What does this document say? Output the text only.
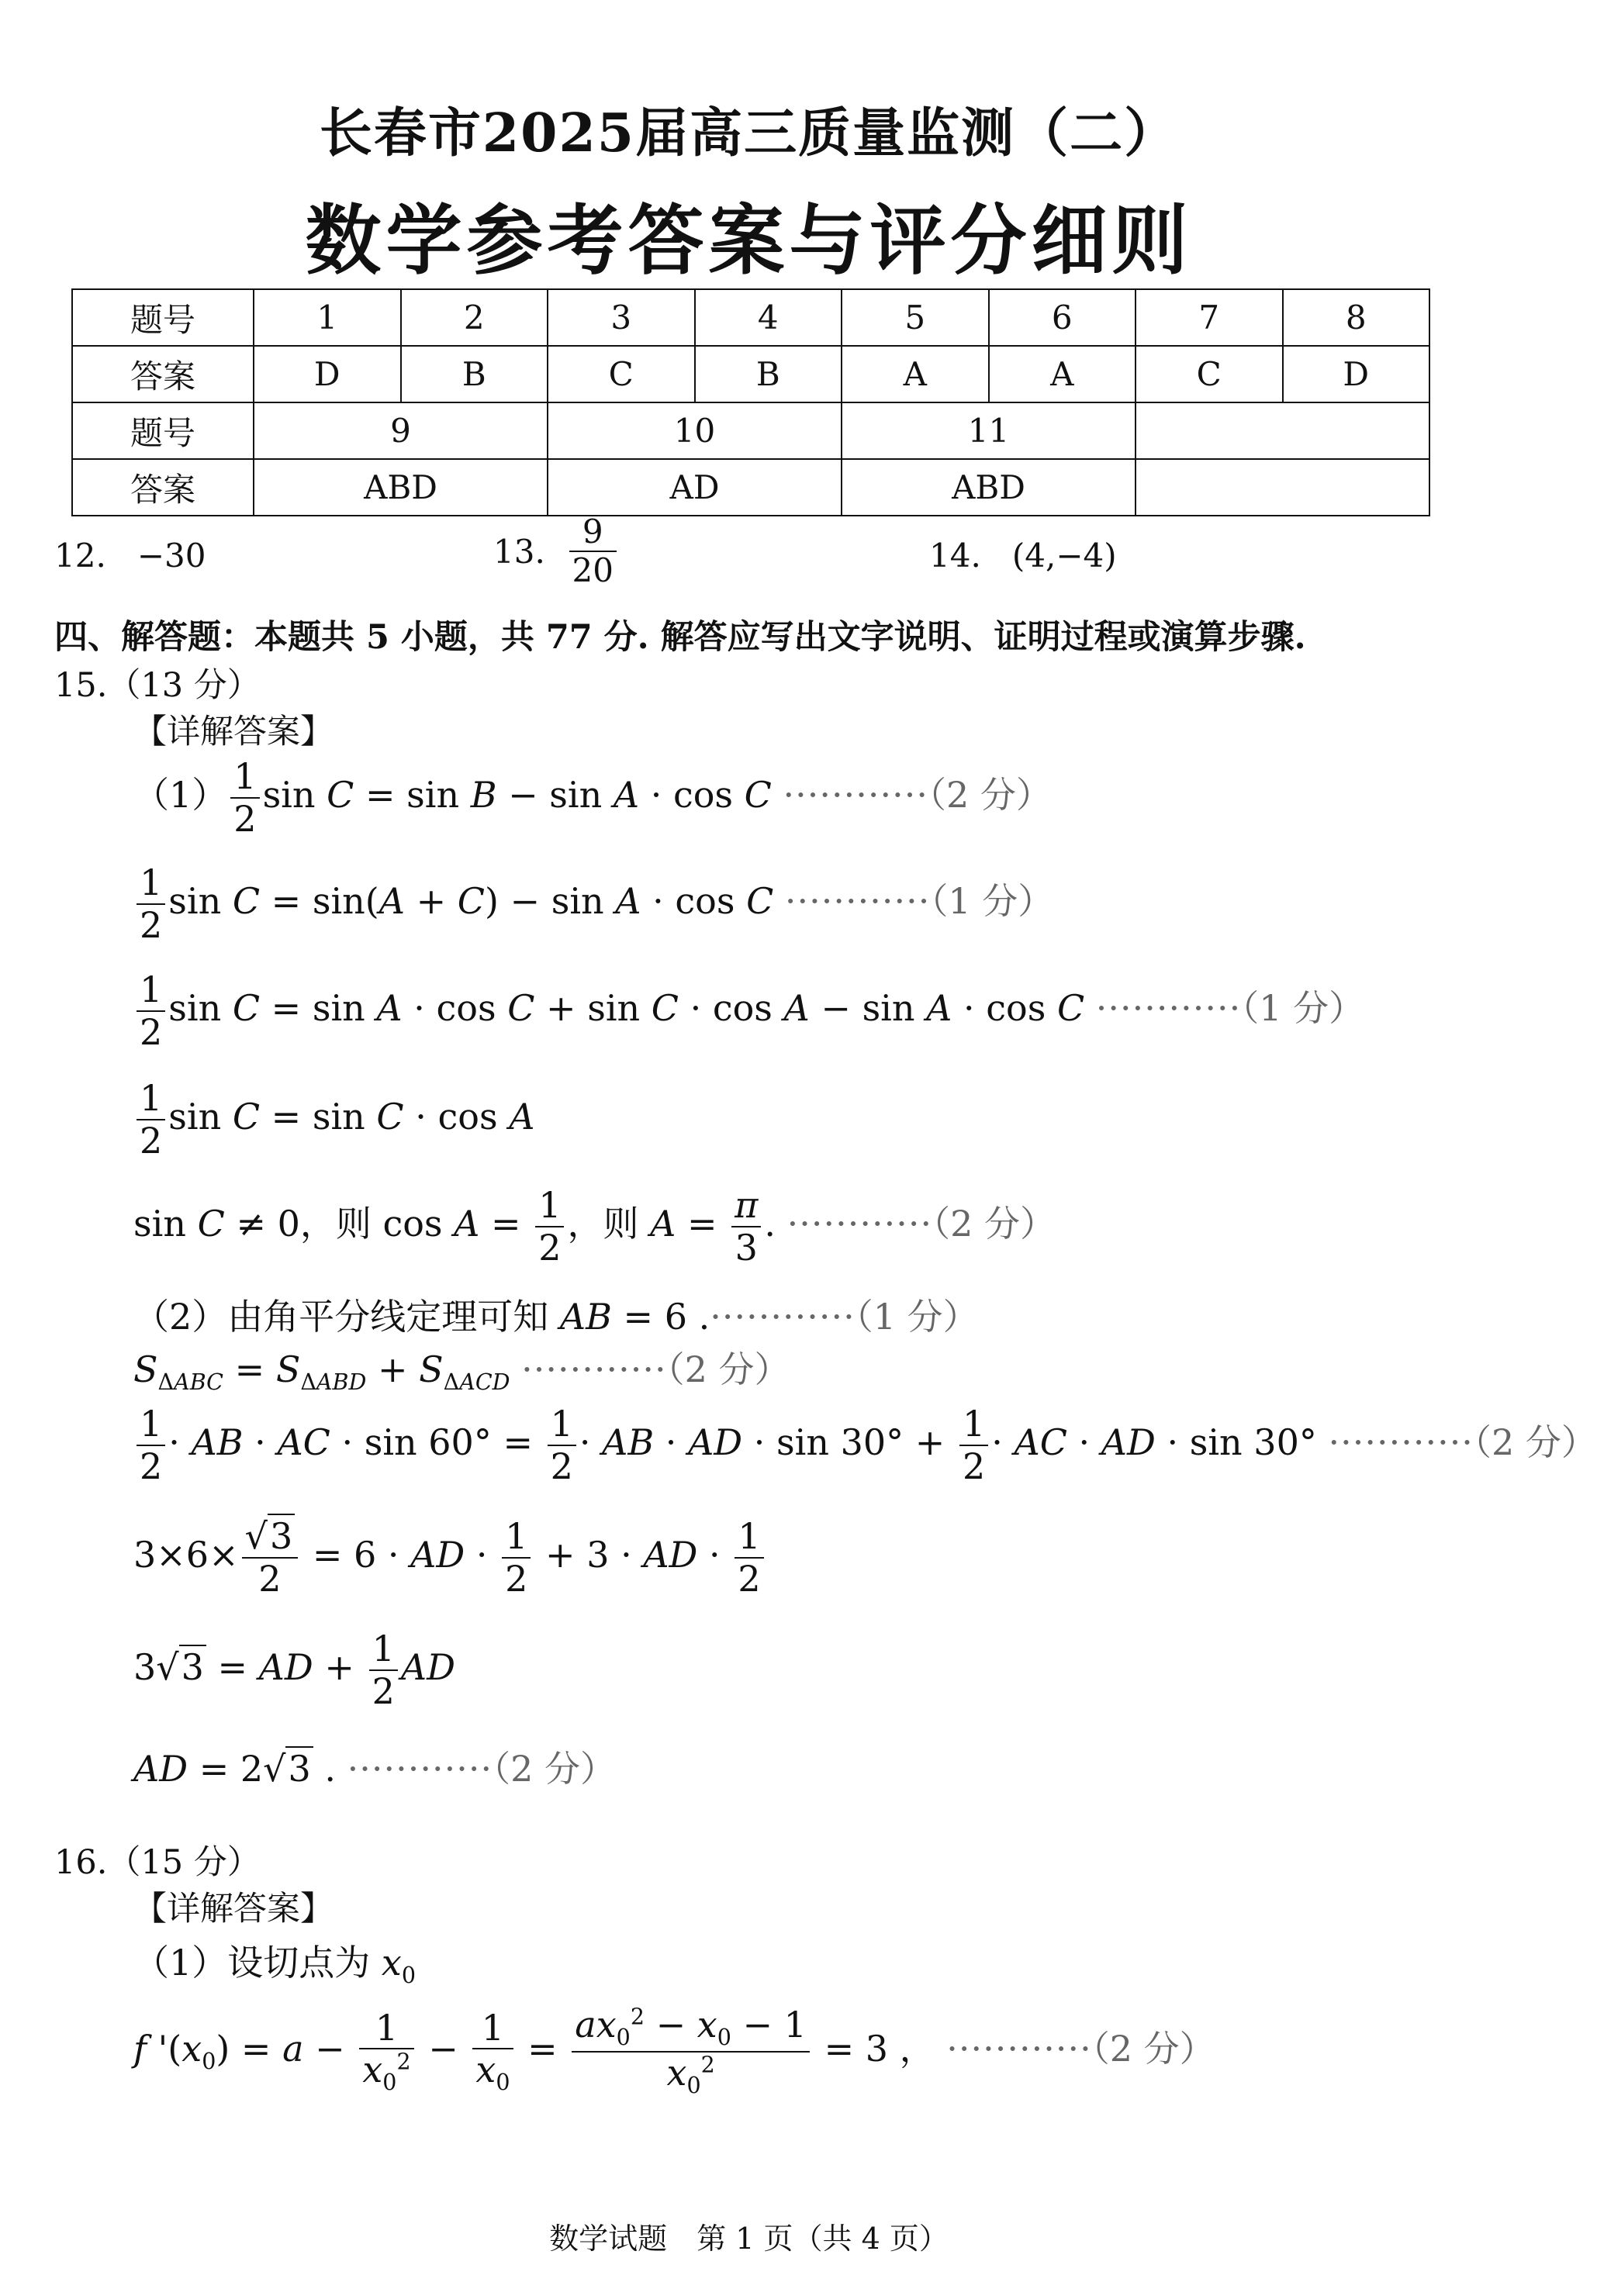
长春市2025届高三质量监测（二）
数学参考答案与评分细则
题号	1	2	3	4	5	6	7	8
答案	D	B	C	B	A	A	C	D
题号	9		10		11			
答案	ABD		AD		ABD			
12. −30	13. $\frac{9}{20}$	14. (4,−4)
四、解答题：本题共 5 小题，共 77 分. 解答应写出文字说明、证明过程或演算步骤.
15.（13 分）
【详解答案】
$(1) \frac{1}{2}$ sin C = sin B − sin A · cos C ············（2 分）
$\frac{1}{2}$ sin C = sin(A + C) − sin A · cos C ············（1 分）
$\frac{1}{2}$ sin C = sin A · cos C + sin C · cos A − sin A · cos C ············（1 分）
$\frac{1}{2}$ sin C = sin C · cos A
sin C ≠ 0，则 $\cos A = \frac{1}{2}$ ，则 $A = \frac{\pi}{3}$ . ············（2 分）
（2）由角平分线定理可知 AB = 6 .············（1 分）
$S_{\Delta ABC} = S_{\Delta ABD} + S_{\Delta ACD} \cdot\cdot\cdot\cdot\cdot\cdot\cdot\cdot\cdot\cdot\cdot\cdot(2$ 分）
$\frac{1}{2}$ · AB · AC · $\sin 60^\circ = \frac{1}{2}$ · AB · AD · $\sin 30^\circ + \frac{1}{2}$ · AC · AD · sin 30° ············（2 分）
$3\times 6\times \frac{√3}{2} = 6$ · AD · $\frac{1}{2} + 3$ · AD · $\frac{1}{2}$
3√3 = AD + $\frac{1}{2}$ AD
AD = 2√3 . ············（2 分）
16.（15 分）
【详解答案】
（1）设切点为 $x_0$
f '$(x_0) = a - \frac{1}{x_0^2} - \frac{1}{x_0} = \frac{ax_0^2 - x_0 - 1}{x_0^2} = 3$ ， ············（2 分）
数学试题　第 1 页（共 4 页）
